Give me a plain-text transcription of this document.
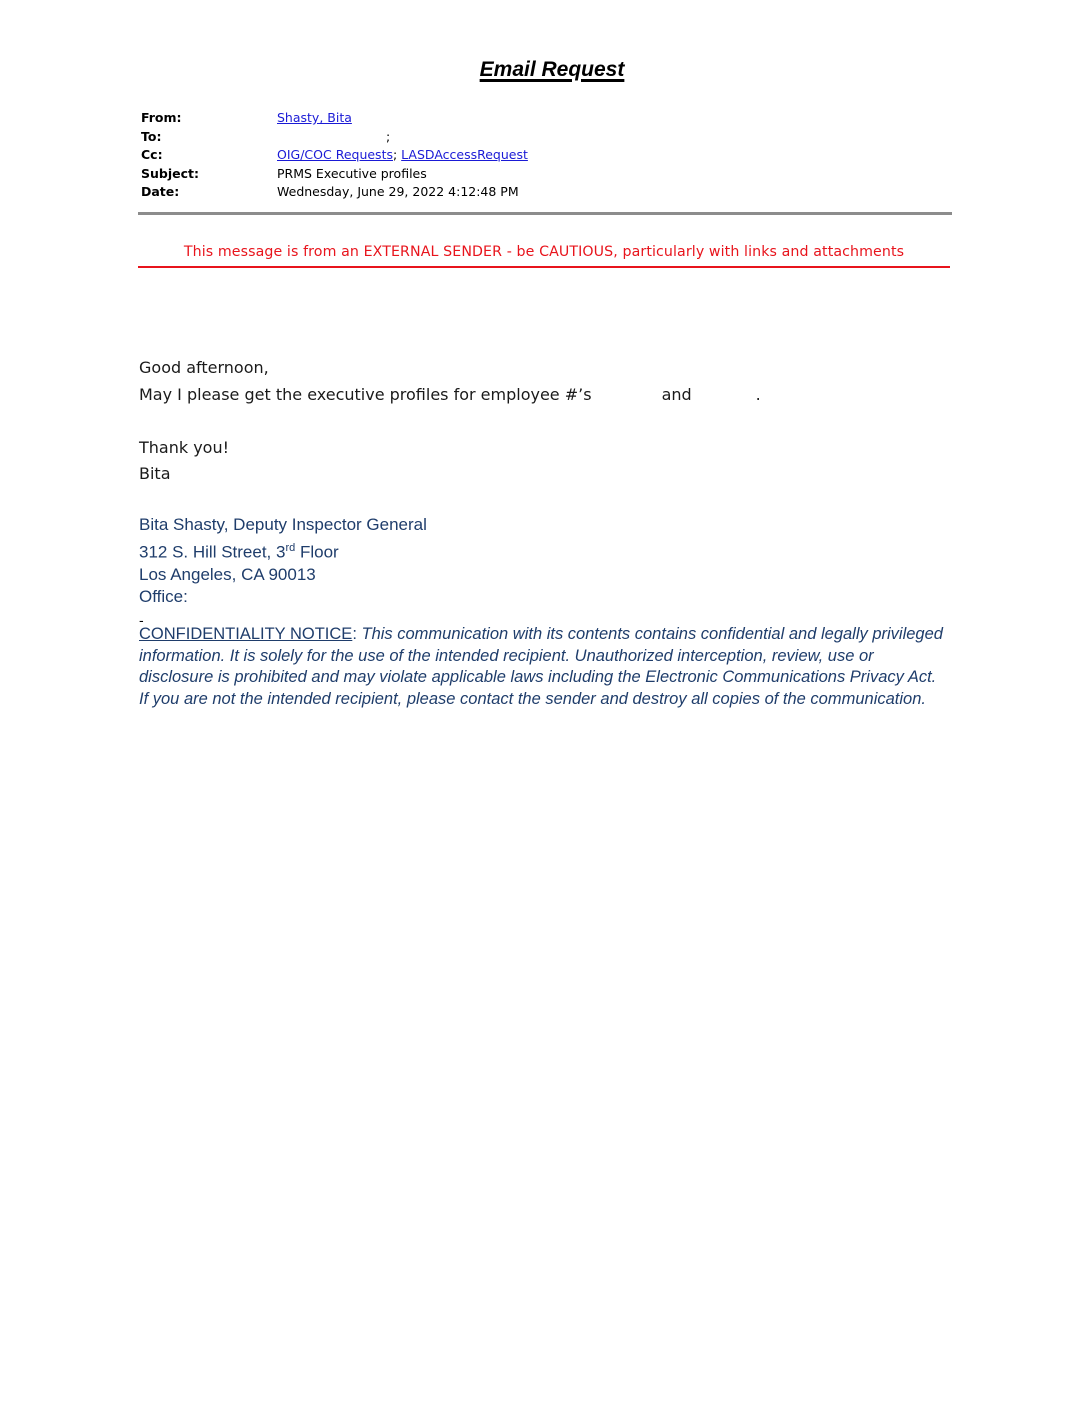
Email Request
From:	Shasty, Bita
To:	;
Cc:	OIG/COC Requests; LASDAccessRequest
Subject:	PRMS Executive profiles
Date:	Wednesday, June 29, 2022 4:12:48 PM
This message is from an EXTERNAL SENDER - be CAUTIOUS, particularly with links and attachments
Good afternoon,
May I please get the executive profiles for employee #’s	and	.
Thank you!
Bita
Bita Shasty, Deputy Inspector General
312 S. Hill Street, 3rd Floor
Los Angeles, CA 90013
Office:
-
CONFIDENTIALITY NOTICE: This communication with its contents contains confidential and legally privileged information. It is solely for the use of the intended recipient. Unauthorized interception, review, use or disclosure is prohibited and may violate applicable laws including the Electronic Communications Privacy Act. If you are not the intended recipient, please contact the sender and destroy all copies of the communication.
